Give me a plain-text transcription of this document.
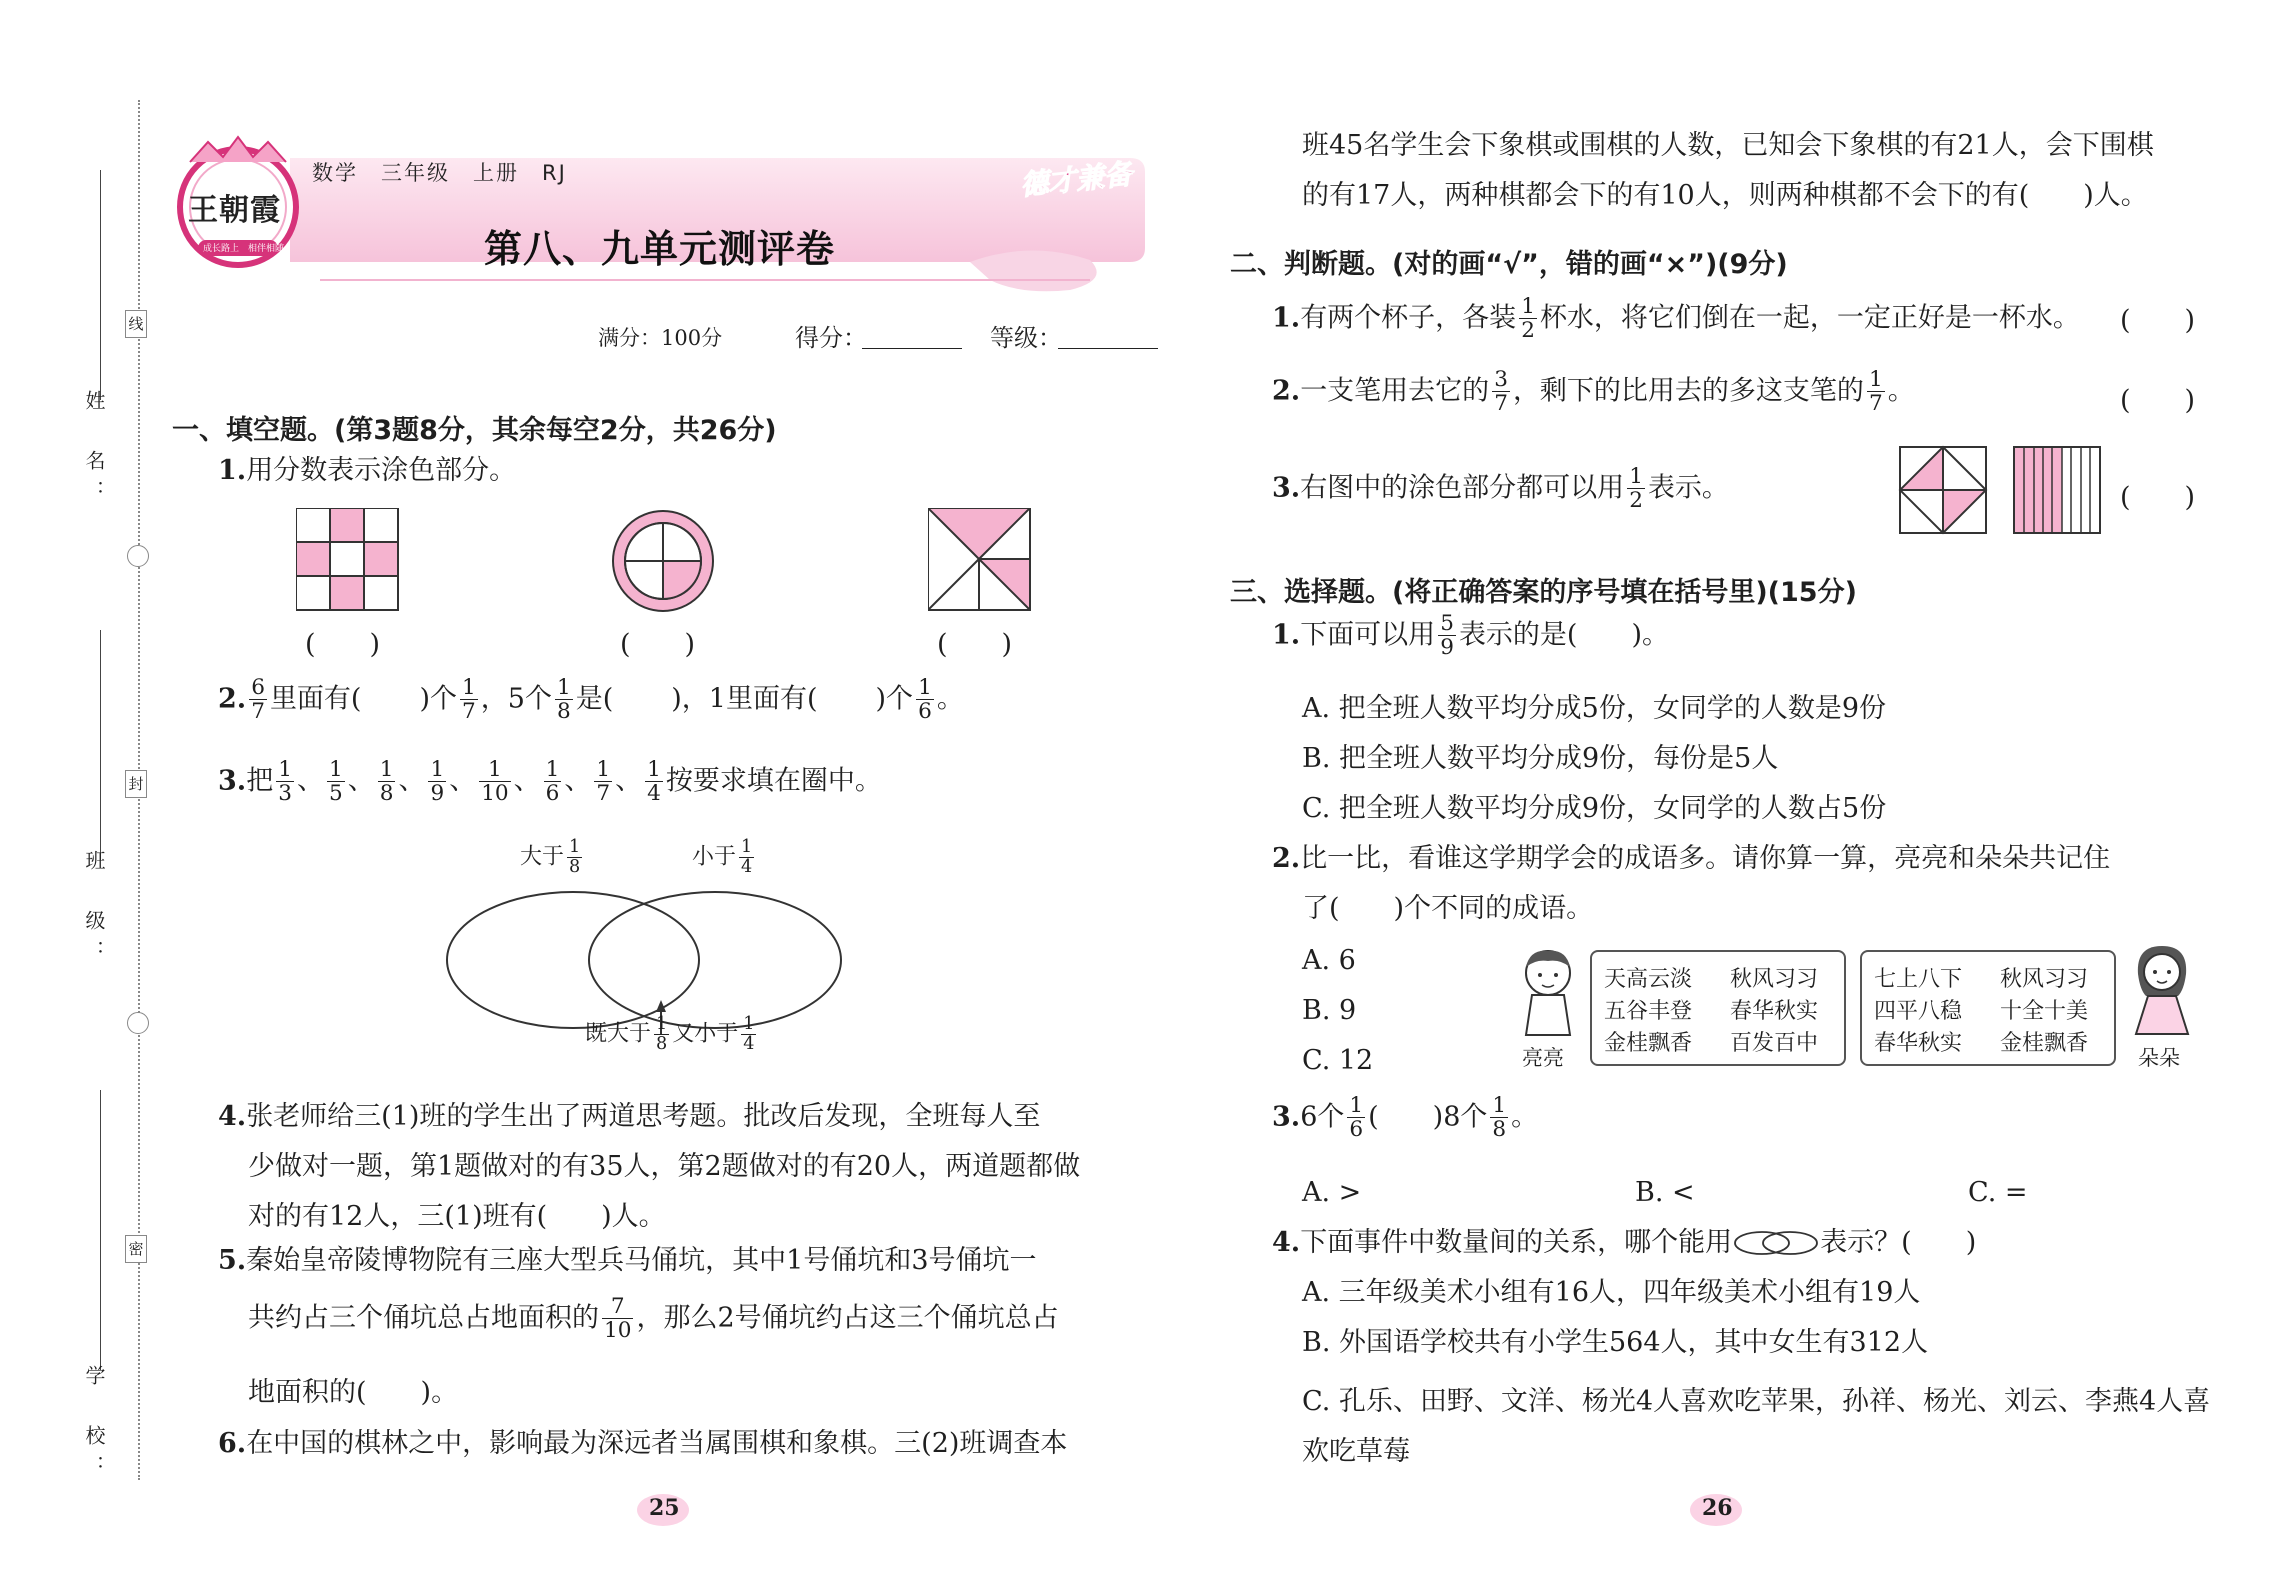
姓　名：
班　级：
学　校：
线
封
密
王朝霞
成长路上　相伴相随
数学　三年级　上册　RJ	德才兼备
第八、九单元测评卷
满分：100分	得分：	等级：
一、填空题。(第3题8分，其余每空2分，共26分)
1.用分数表示涂色部分。
(　　)	(　　)	(　　)
2. $\frac{6}{7}$ 里面有( )个 $\frac{1}{7}$ ，5个 $\frac{1}{8}$ 是( )，1里面有( )个 $\frac{1}{6}$ 。
3.把 $\frac{1}{3}$ 、 $\frac{1}{5}$ 、 $\frac{1}{8}$ 、 $\frac{1}{9}$ 、 $\frac{1}{10}$ 、 $\frac{1}{6}$ 、 $\frac{1}{7}$ 、 $\frac{1}{4}$ 按要求填在圈中。
大于 $\frac{1}{8}$	小于 $\frac{1}{4}$
既大于 $\frac{1}{8}$ 又小于 $\frac{1}{4}$
4.张老师给三(1)班的学生出了两道思考题。批改后发现，全班每人至
少做对一题，第1题做对的有35人，第2题做对的有20人，两道题都做
对的有12人，三(1)班有(　　)人。
5.秦始皇帝陵博物院有三座大型兵马俑坑，其中1号俑坑和3号俑坑一
共约占三个俑坑总占地面积的 $\frac{7}{10}$ ，那么2号俑坑约占这三个俑坑总占
地面积的(　　)。
6.在中国的棋林之中，影响最为深远者当属围棋和象棋。三(2)班调查本
25
班45名学生会下象棋或围棋的人数，已知会下象棋的有21人，会下围棋
的有17人，两种棋都会下的有10人，则两种棋都不会下的有(　　)人。
二、判断题。(对的画“√”，错的画“×”)(9分)
1.有两个杯子，各装 $\frac{1}{2}$ 杯水，将它们倒在一起，一定正好是一杯水。 (　　)
2.一支笔用去它的 $\frac{3}{7}$ ，剩下的比用去的多这支笔的 $\frac{1}{7}$ 。	(　　)
3.右图中的涂色部分都可以用 $\frac{1}{2}$ 表示。	(　　)
三、选择题。(将正确答案的序号填在括号里)(15分)
1.下面可以用 $\frac{5}{9}$ 表示的是(　　)。
A. 把全班人数平均分成5份，女同学的人数是9份
B. 把全班人数平均分成9份，每份是5人
C. 把全班人数平均分成9份，女同学的人数占5份
2.比一比，看谁这学期学会的成语多。请你算一算，亮亮和朵朵共记住
了(　　)个不同的成语。
A. 6
B. 9
C. 12	亮亮
天高云淡 秋风习习
五谷丰登 春华秋实
金桂飘香 百发百中
七上八下 秋风习习
四平八稳 十全十美
春华秋实 金桂飘香
朵朵
3.6个 $\frac{1}{6}$ (　　)8个 $\frac{1}{8}$ 。
A. >	B. <	C. =
4.下面事件中数量间的关系，哪个能用	表示？(　　)
A. 三年级美术小组有16人，四年级美术小组有19人
B. 外国语学校共有小学生564人，其中女生有312人
C. 孔乐、田野、文洋、杨光4人喜欢吃苹果，孙祥、杨光、刘云、李燕4人喜欢吃草莓
26
